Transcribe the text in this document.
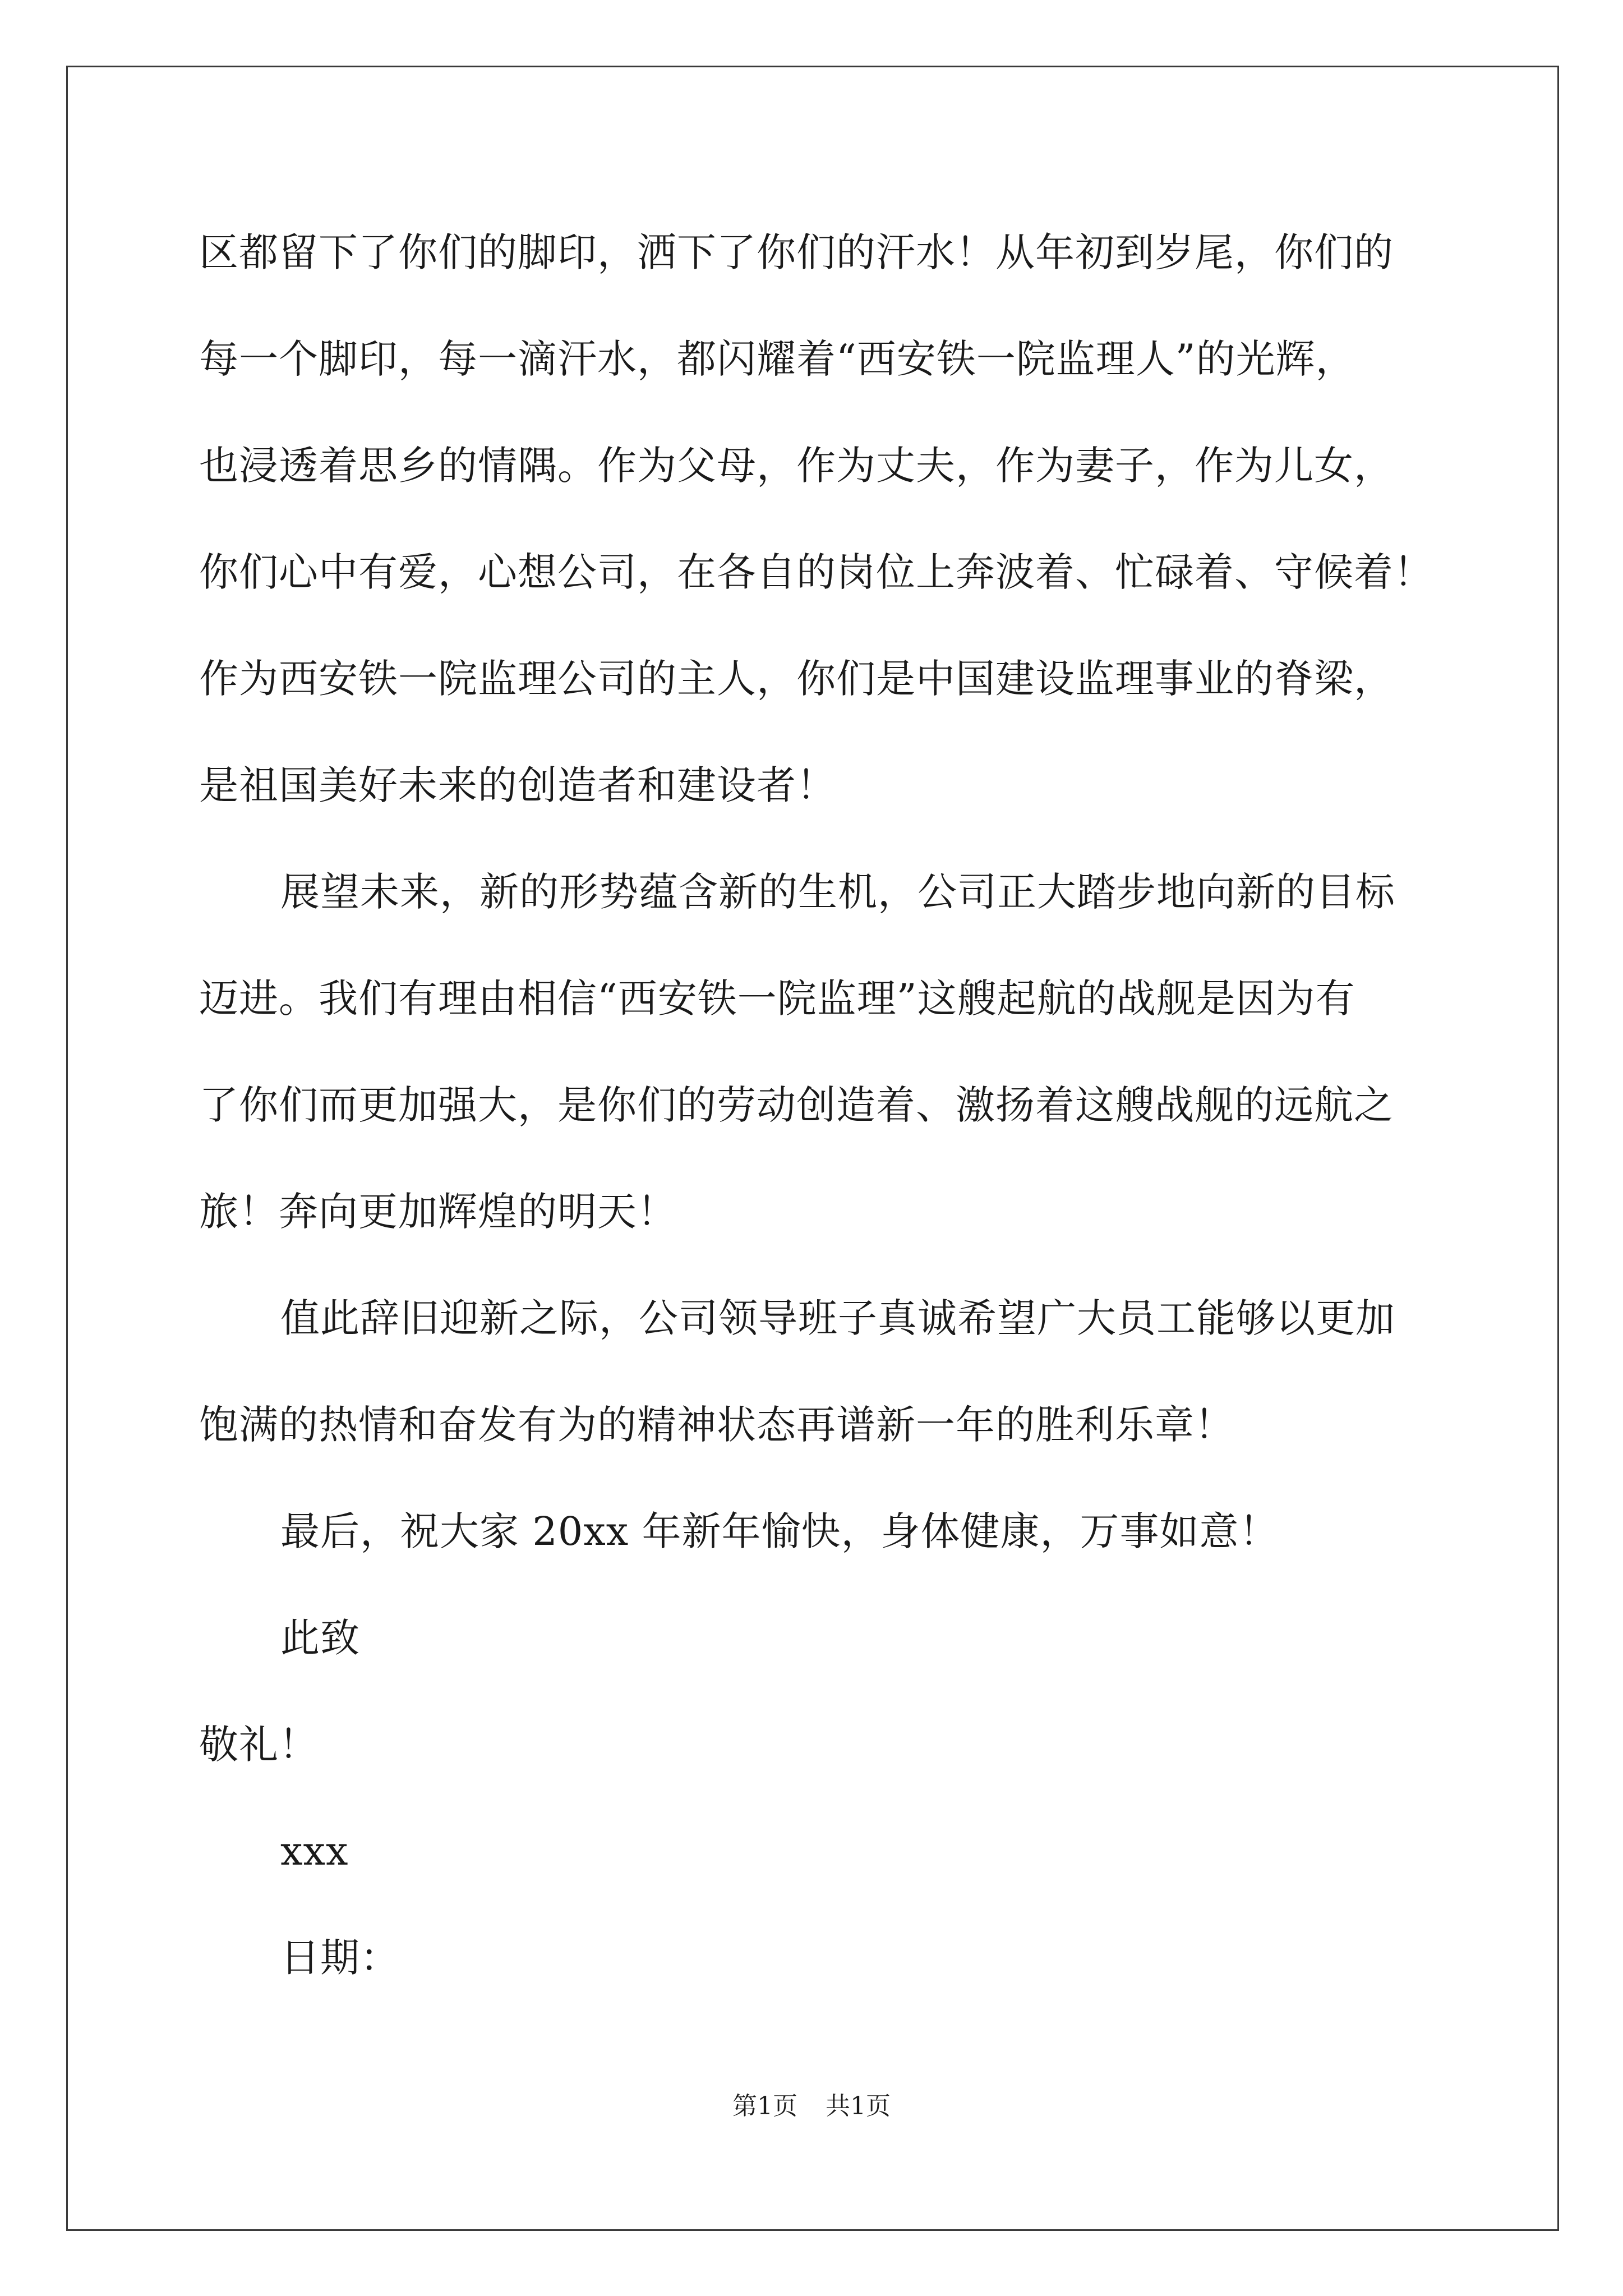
区都留下了你们的脚印，洒下了你们的汗水！从年初到岁尾，你们的
每一个脚印，每一滴汗水，都闪耀着“西安铁一院监理人”的光辉，
也浸透着思乡的情隅。作为父母，作为丈夫，作为妻子，作为儿女，
你们心中有爱，心想公司，在各自的岗位上奔波着、忙碌着、守候着！
作为西安铁一院监理公司的主人，你们是中国建设监理事业的脊梁，
是祖国美好未来的创造者和建设者！
展望未来，新的形势蕴含新的生机，公司正大踏步地向新的目标
迈进。我们有理由相信“西安铁一院监理”这艘起航的战舰是因为有
了你们而更加强大，是你们的劳动创造着、激扬着这艘战舰的远航之
旅！奔向更加辉煌的明天！
值此辞旧迎新之际，公司领导班子真诚希望广大员工能够以更加
饱满的热情和奋发有为的精神状态再谱新一年的胜利乐章！
最后，祝大家 20xx 年新年愉快，身体健康，万事如意！
此致
敬礼！
xxx
日期：
第1页 共1页
